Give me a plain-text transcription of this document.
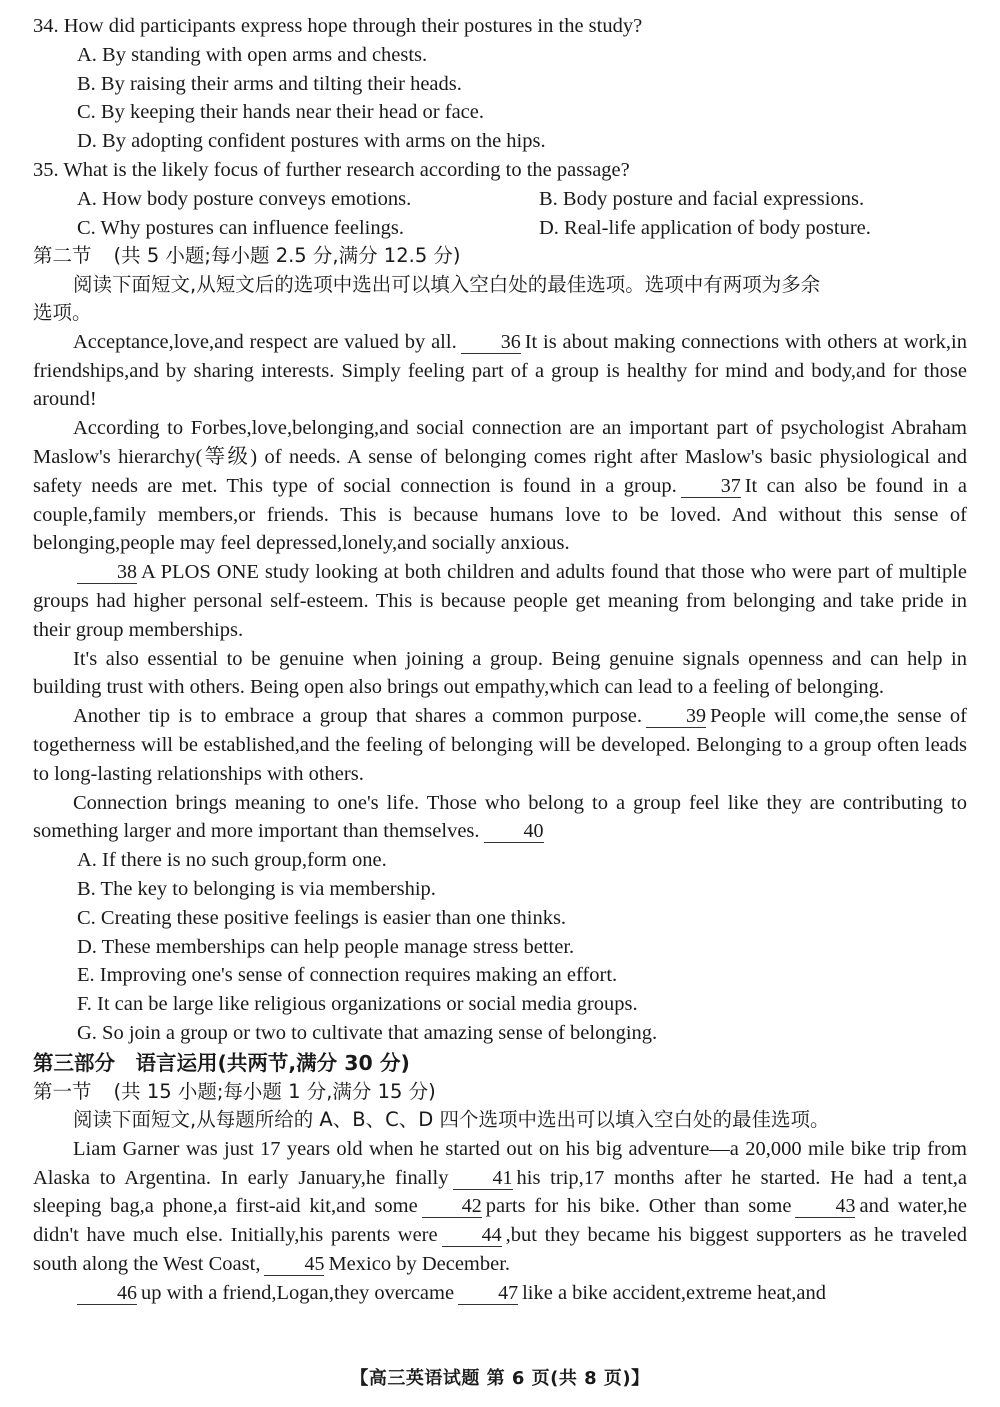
34. How did participants express hope through their postures in the study?
A. By standing with open arms and chests.
B. By raising their arms and tilting their heads.
C. By keeping their hands near their head or face.
D. By adopting confident postures with arms on the hips.
35. What is the likely focus of further research according to the passage?
A. How body posture conveys emotions.	B. Body posture and facial expressions.
C. Why postures can influence feelings.	D. Real-life application of body posture.
第二节 (共 5 小题;每小题 2.5 分,满分 12.5 分)
阅读下面短文,从短文后的选项中选出可以填入空白处的最佳选项。选项中有两项为多余
选项。

Acceptance,love,and respect are valued by all. 36 It is about making connections with others at work,in friendships,and by sharing interests. Simply feeling part of a group is healthy for mind and body,and for those around!

According to Forbes,love,belonging,and social connection are an important part of psychologist Abraham Maslow's hierarchy(等级) of needs. A sense of belonging comes right after Maslow's basic physiological and safety needs are met. This type of social connection is found in a group. 37 It can also be found in a couple,family members,or friends. This is because humans love to be loved. And without this sense of belonging,people may feel depressed,lonely,and socially anxious.

38 A PLOS ONE study looking at both children and adults found that those who were part of multiple groups had higher personal self-esteem. This is because people get meaning from belonging and take pride in their group memberships.

It's also essential to be genuine when joining a group. Being genuine signals openness and can help in building trust with others. Being open also brings out empathy,which can lead to a feeling of belonging.

Another tip is to embrace a group that shares a common purpose. 39 People will come,the sense of togetherness will be established,and the feeling of belonging will be developed. Belonging to a group often leads to long-lasting relationships with others.

Connection brings meaning to one's life. Those who belong to a group feel like they are contributing to something larger and more important than themselves. 40

A. If there is no such group,form one.
B. The key to belonging is via membership.
C. Creating these positive feelings is easier than one thinks.
D. These memberships can help people manage stress better.
E. Improving one's sense of connection requires making an effort.
F. It can be large like religious organizations or social media groups.
G. So join a group or two to cultivate that amazing sense of belonging.
第三部分　语言运用(共两节,满分 30 分)
第一节 (共 15 小题;每小题 1 分,满分 15 分)
阅读下面短文,从每题所给的 A、B、C、D 四个选项中选出可以填入空白处的最佳选项。

Liam Garner was just 17 years old when he started out on his big adventure—a 20,000 mile bike trip from Alaska to Argentina. In early January,he finally 41 his trip,17 months after he started. He had a tent,a sleeping bag,a phone,a first-aid kit,and some 42 parts for his bike. Other than some 43 and water,he didn't have much else. Initially,his parents were 44 ,but they became his biggest supporters as he traveled south along the West Coast, 45 Mexico by December.

46 up with a friend,Logan,they overcame 47 like a bike accident,extreme heat,and

【高三英语试题 第 6 页(共 8 页)】
